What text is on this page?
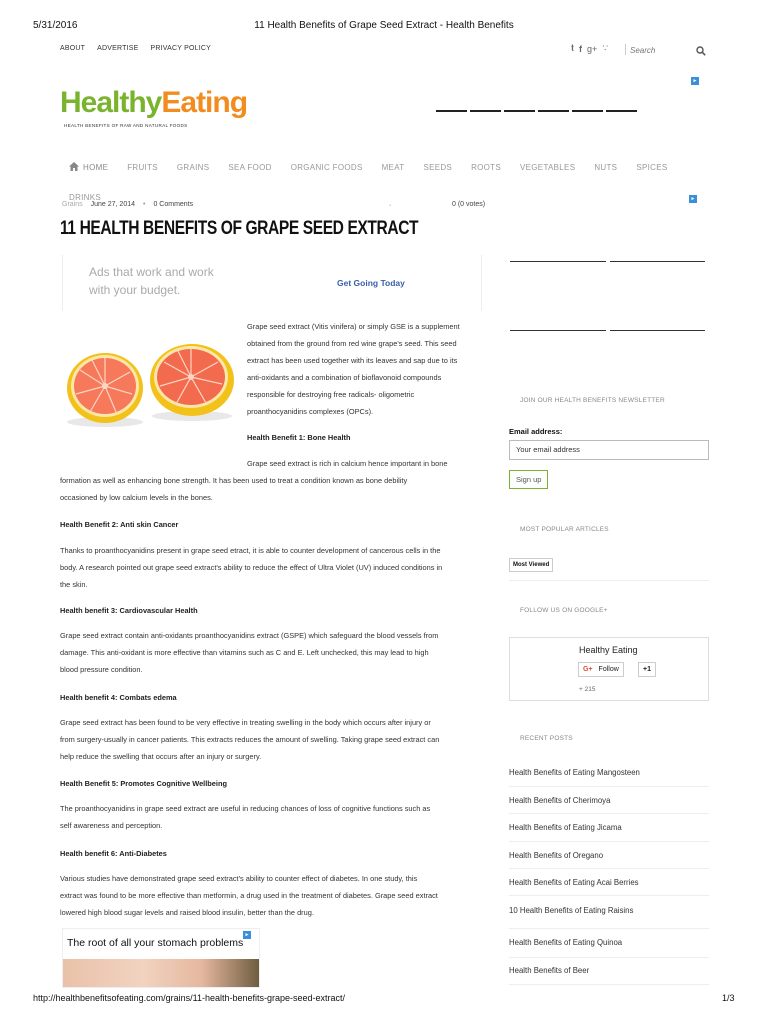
5/31/2016	11 Health Benefits of Grape Seed Extract - Health Benefits
ABOUT ADVERTISE PRIVACY POLICY	𝐭 f g+ ∵	Search
HealthyEating
HEALTH BENEFITS OF RAW AND NATURAL FOODS
►
HOME FRUITS GRAINS SEA FOOD ORGANIC FOODS MEAT SEEDS ROOTS VEGETABLES NUTS SPICES
DRINKS
Grains June 27, 2014 • 0 Comments	·	0 (0 votes)
►
11 HEALTH BENEFITS OF GRAPE SEED EXTRACT
Ads that work and work
with your budget.	Get Going Today
Grape seed extract (Vitis vinifera) or simply GSE is a supplement
obtained from the ground from red wine grape's seed. This seed
extract has been used together with its leaves and sap due to its
anti-oxidants and a combination of bioflavonoid compounds
responsible for destroying free radicals- oligometric
proanthocyanidins complexes (OPCs).
Health Benefit 1: Bone Health
Grape seed extract is rich in calcium hence important in bone
formation as well as enhancing bone strength. It has been used to treat a condition known as bone debility
occasioned by low calcium levels in the bones.
Health Benefit 2: Anti skin Cancer
Thanks to proanthocyanidins present in grape seed etract, it is able to counter development of cancerous cells in the
body. A research pointed out grape seed extract's ability to reduce the effect of Ultra Violet (UV) induced conditions in
the skin.
Health benefit 3: Cardiovascular Health
Grape seed extract contain anti-oxidants proanthocyanidins extract (GSPE) which safeguard the blood vessels from
damage. This anti-oxidant is more effective than vitamins such as C and E. Left unchecked, this may lead to high
blood pressure condition.
Health benefit 4: Combats edema
Grape seed extract has been found to be very effective in treating swelling in the body which occurs after injury or
from surgery-usually in cancer patients. This extracts reduces the amount of swelling. Taking grape seed extract can
help reduce the swelling that occurs after an injury or surgery.
Health Benefit 5: Promotes Cognitive Wellbeing
The proanthocyanidins in grape seed extract are useful in reducing chances of loss of cognitive functions such as
self awareness and perception.
Health benefit 6: Anti-Diabetes
Various studies have demonstrated grape seed extract's ability to counter effect of diabetes. In one study, this
extract was found to be more effective than metformin, a drug used in the treatment of diabetes. Grape seed extract
lowered high blood sugar levels and raised blood insulin, better than the drug.
The root of all your stomach problems
►
JOIN OUR HEALTH BENEFITS NEWSLETTER
Email address:
Your email address
Sign up
MOST POPULAR ARTICLES
Most Viewed
FOLLOW US ON GOOGLE+
Healthy Eating
G+ Follow	+1
+ 215
RECENT POSTS
Health Benefits of Eating Mangosteen
Health Benefits of Cherimoya
Health Benefits of Eating Jicama
Health Benefits of Oregano
Health Benefits of Eating Acai Berries
10 Health Benefits of Eating Raisins
Health Benefits of Eating Quinoa
Health Benefits of Beer
http://healthbenefitsofeating.com/grains/11-health-benefits-grape-seed-extract/	1/3
